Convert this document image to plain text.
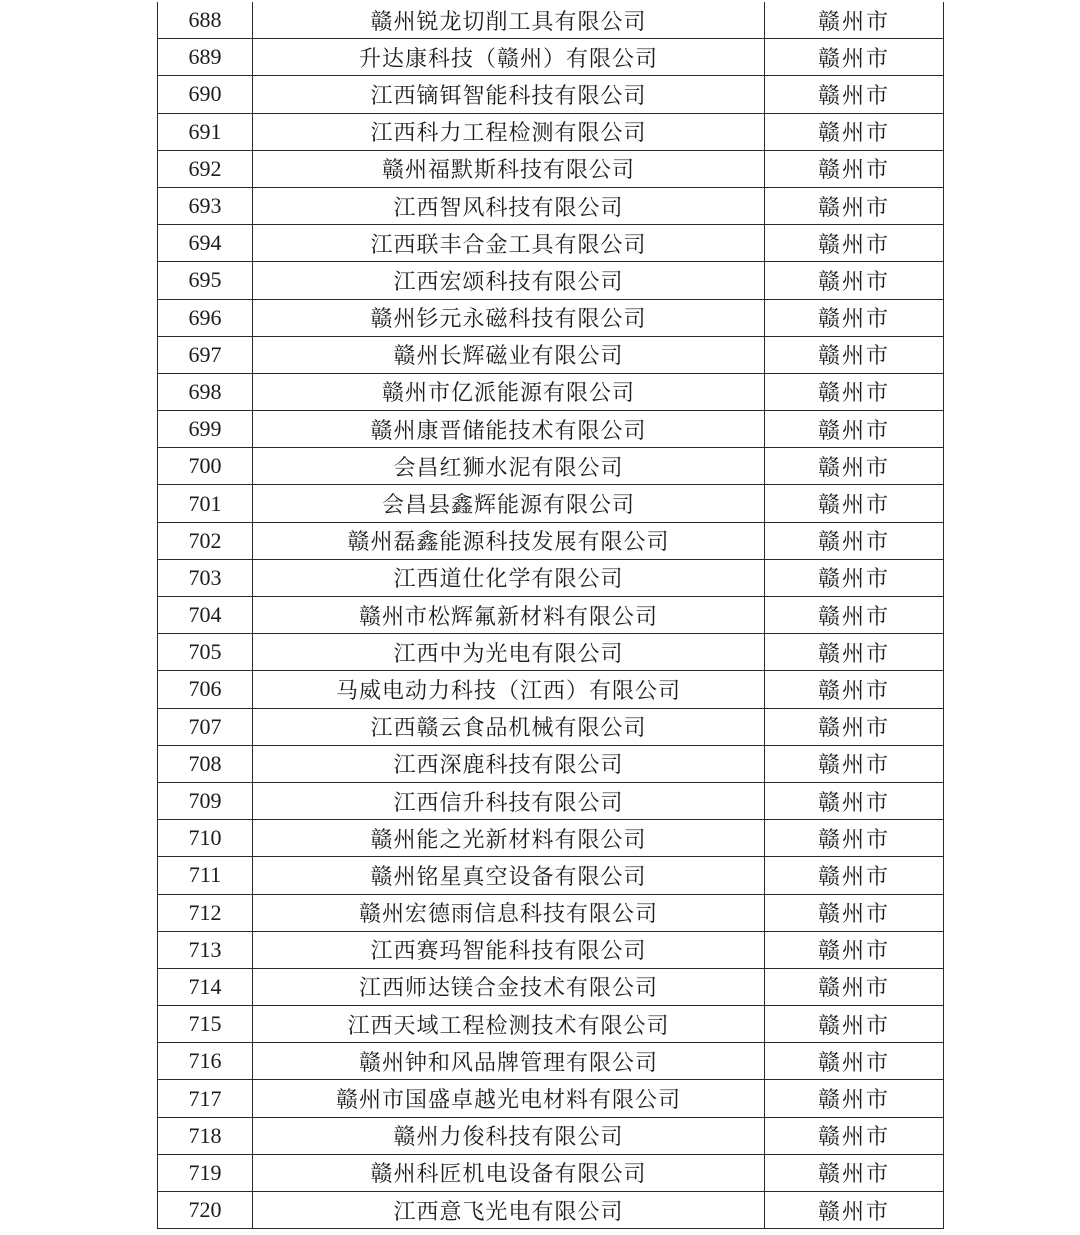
688	赣州锐龙切削工具有限公司	赣州市
689	升达康科技（赣州）有限公司	赣州市
690	江西镝铒智能科技有限公司	赣州市
691	江西科力工程检测有限公司	赣州市
692	赣州福默斯科技有限公司	赣州市
693	江西智风科技有限公司	赣州市
694	江西联丰合金工具有限公司	赣州市
695	江西宏颂科技有限公司	赣州市
696	赣州钐元永磁科技有限公司	赣州市
697	赣州长辉磁业有限公司	赣州市
698	赣州市亿派能源有限公司	赣州市
699	赣州康晋储能技术有限公司	赣州市
700	会昌红狮水泥有限公司	赣州市
701	会昌县鑫辉能源有限公司	赣州市
702	赣州磊鑫能源科技发展有限公司	赣州市
703	江西道仕化学有限公司	赣州市
704	赣州市松辉氟新材料有限公司	赣州市
705	江西中为光电有限公司	赣州市
706	马威电动力科技（江西）有限公司	赣州市
707	江西赣云食品机械有限公司	赣州市
708	江西深鹿科技有限公司	赣州市
709	江西信升科技有限公司	赣州市
710	赣州能之光新材料有限公司	赣州市
711	赣州铭星真空设备有限公司	赣州市
712	赣州宏德雨信息科技有限公司	赣州市
713	江西赛玛智能科技有限公司	赣州市
714	江西师达镁合金技术有限公司	赣州市
715	江西天域工程检测技术有限公司	赣州市
716	赣州钟和风品牌管理有限公司	赣州市
717	赣州市国盛卓越光电材料有限公司	赣州市
718	赣州力俊科技有限公司	赣州市
719	赣州科匠机电设备有限公司	赣州市
720	江西意飞光电有限公司	赣州市
